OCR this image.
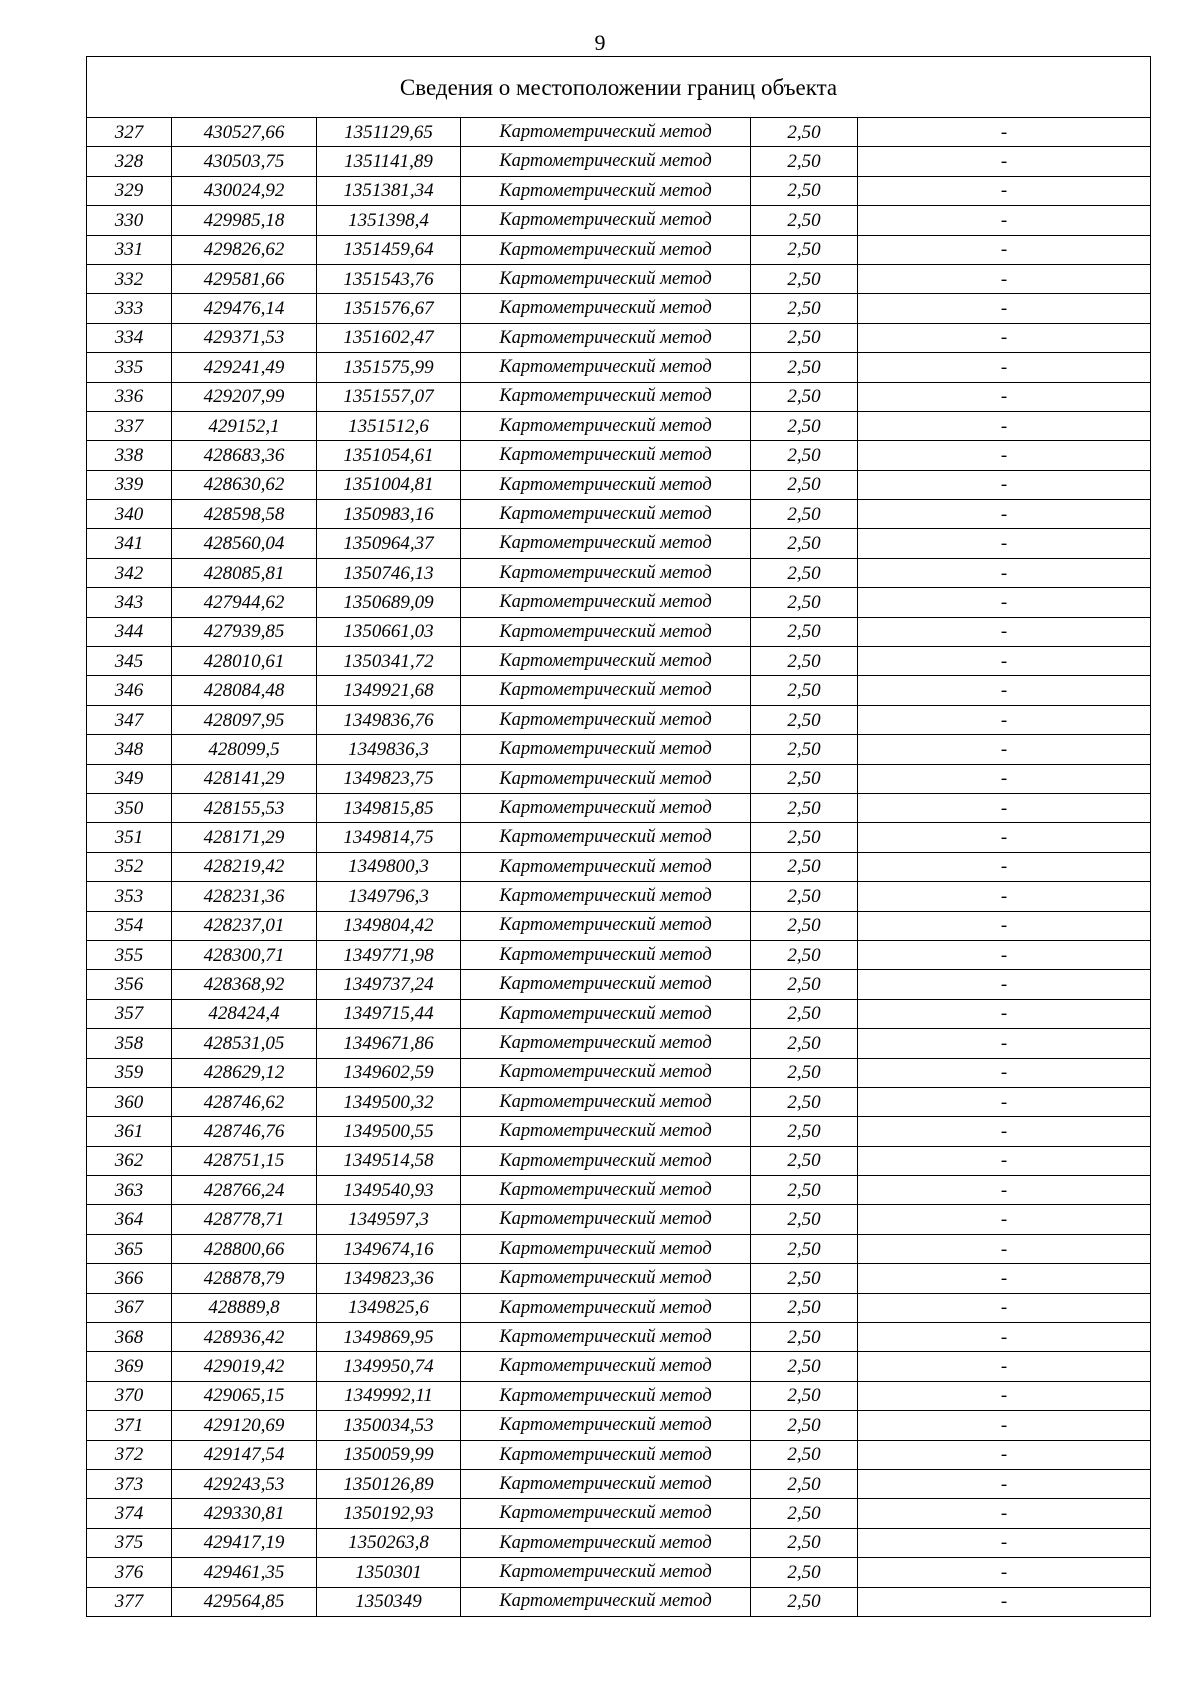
9
Сведения о местоположении границ объекта					
327	430527,66	1351129,65	Картометрический метод	2,50	-
328	430503,75	1351141,89	Картометрический метод	2,50	-
329	430024,92	1351381,34	Картометрический метод	2,50	-
330	429985,18	1351398,4	Картометрический метод	2,50	-
331	429826,62	1351459,64	Картометрический метод	2,50	-
332	429581,66	1351543,76	Картометрический метод	2,50	-
333	429476,14	1351576,67	Картометрический метод	2,50	-
334	429371,53	1351602,47	Картометрический метод	2,50	-
335	429241,49	1351575,99	Картометрический метод	2,50	-
336	429207,99	1351557,07	Картометрический метод	2,50	-
337	429152,1	1351512,6	Картометрический метод	2,50	-
338	428683,36	1351054,61	Картометрический метод	2,50	-
339	428630,62	1351004,81	Картометрический метод	2,50	-
340	428598,58	1350983,16	Картометрический метод	2,50	-
341	428560,04	1350964,37	Картометрический метод	2,50	-
342	428085,81	1350746,13	Картометрический метод	2,50	-
343	427944,62	1350689,09	Картометрический метод	2,50	-
344	427939,85	1350661,03	Картометрический метод	2,50	-
345	428010,61	1350341,72	Картометрический метод	2,50	-
346	428084,48	1349921,68	Картометрический метод	2,50	-
347	428097,95	1349836,76	Картометрический метод	2,50	-
348	428099,5	1349836,3	Картометрический метод	2,50	-
349	428141,29	1349823,75	Картометрический метод	2,50	-
350	428155,53	1349815,85	Картометрический метод	2,50	-
351	428171,29	1349814,75	Картометрический метод	2,50	-
352	428219,42	1349800,3	Картометрический метод	2,50	-
353	428231,36	1349796,3	Картометрический метод	2,50	-
354	428237,01	1349804,42	Картометрический метод	2,50	-
355	428300,71	1349771,98	Картометрический метод	2,50	-
356	428368,92	1349737,24	Картометрический метод	2,50	-
357	428424,4	1349715,44	Картометрический метод	2,50	-
358	428531,05	1349671,86	Картометрический метод	2,50	-
359	428629,12	1349602,59	Картометрический метод	2,50	-
360	428746,62	1349500,32	Картометрический метод	2,50	-
361	428746,76	1349500,55	Картометрический метод	2,50	-
362	428751,15	1349514,58	Картометрический метод	2,50	-
363	428766,24	1349540,93	Картометрический метод	2,50	-
364	428778,71	1349597,3	Картометрический метод	2,50	-
365	428800,66	1349674,16	Картометрический метод	2,50	-
366	428878,79	1349823,36	Картометрический метод	2,50	-
367	428889,8	1349825,6	Картометрический метод	2,50	-
368	428936,42	1349869,95	Картометрический метод	2,50	-
369	429019,42	1349950,74	Картометрический метод	2,50	-
370	429065,15	1349992,11	Картометрический метод	2,50	-
371	429120,69	1350034,53	Картометрический метод	2,50	-
372	429147,54	1350059,99	Картометрический метод	2,50	-
373	429243,53	1350126,89	Картометрический метод	2,50	-
374	429330,81	1350192,93	Картометрический метод	2,50	-
375	429417,19	1350263,8	Картометрический метод	2,50	-
376	429461,35	1350301	Картометрический метод	2,50	-
377	429564,85	1350349	Картометрический метод	2,50	-
